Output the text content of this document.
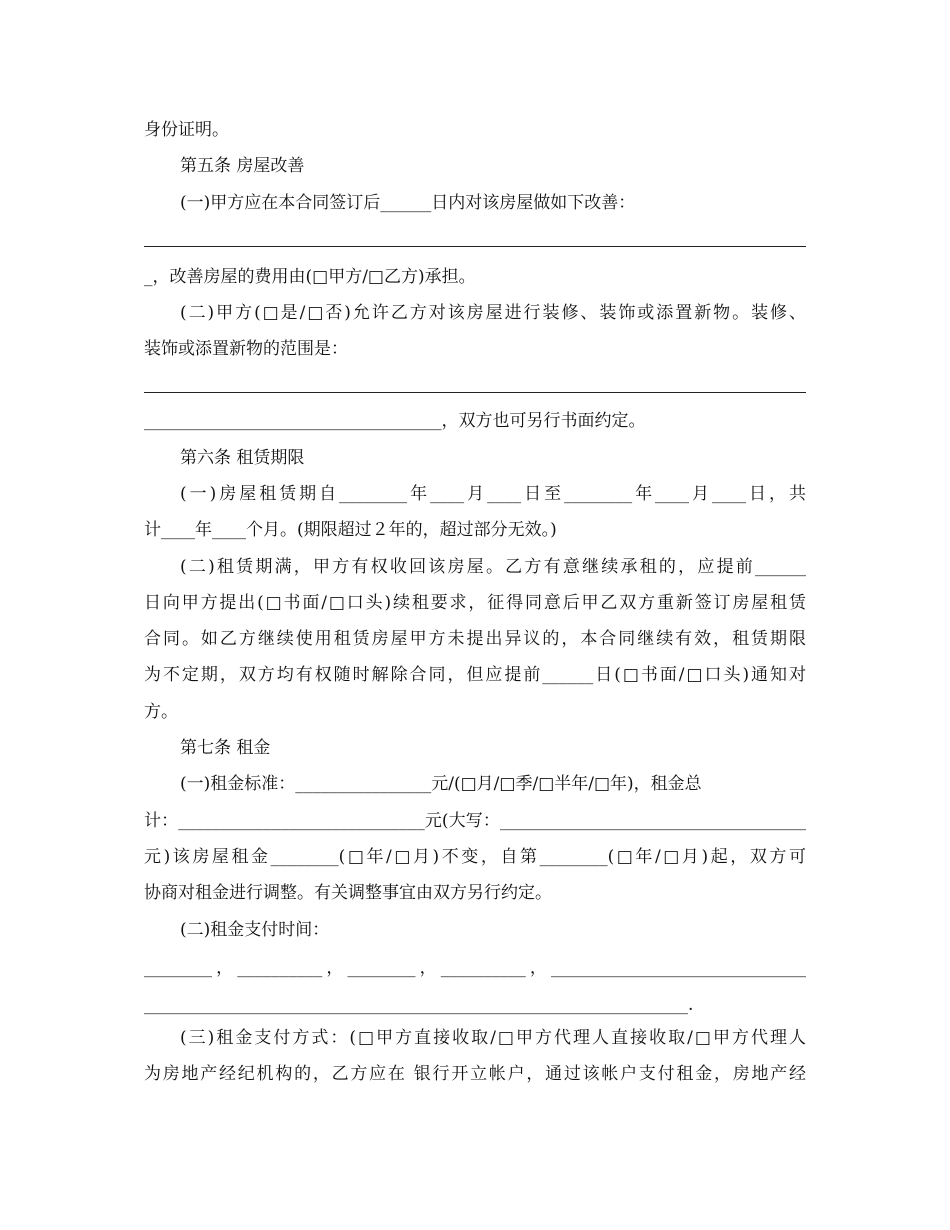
身份证明。
第五条 房屋改善
(一)甲方应在本合同签订后______日内对该房屋做如下改善：
_，改善房屋的费用由(□甲方/□乙方)承担。
(二)甲方(□是/□否)允许乙方对该房屋进行装修、装饰或添置新物。装修、
装饰或添置新物的范围是：
___________________________________，双方也可另行书面约定。
第六条 租赁期限
(一)房屋租赁期自________年____月____日至________年____月____日，共
计____年____个月。(期限超过２年的，超过部分无效。)
(二)租赁期满，甲方有权收回该房屋。乙方有意继续承租的，应提前______
日向甲方提出(□书面/□口头)续租要求，征得同意后甲乙双方重新签订房屋租赁
合同。如乙方继续使用租赁房屋甲方未提出异议的，本合同继续有效，租赁期限
为不定期，双方均有权随时解除合同，但应提前______日(□书面/□口头)通知对
方。
第七条 租金
(一)租金标准：________________元/(□月/□季/□半年/□年)，租金总
计：_____________________________元(大写：____________________________________
元)该房屋租金________(□年/□月)不变，自第________(□年/□月)起，双方可
协商对租金进行调整。有关调整事宜由双方另行约定。
(二)租金支付时间：
________，__________，________，__________，______________________________
________________________________________________________________.
(三)租金支付方式：(□甲方直接收取/□甲方代理人直接收取/□甲方代理人
为房地产经纪机构的，乙方应在 银行开立帐户，通过该帐户支付租金，房地产经
